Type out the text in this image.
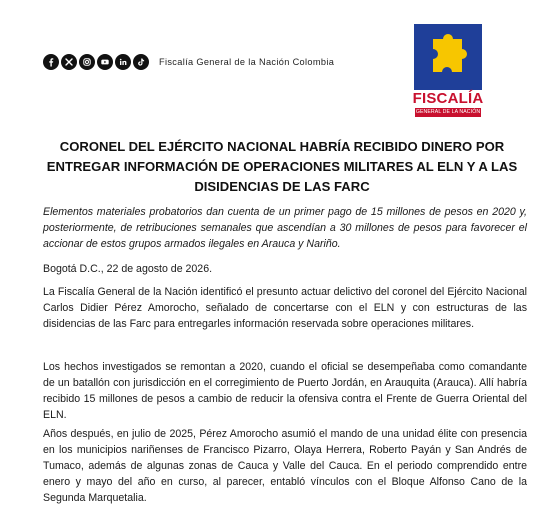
Fiscalía General de la Nación Colombia
FISCALÍA
GENERAL DE LA NACIÓN
CORONEL DEL EJÉRCITO NACIONAL HABRÍA RECIBIDO DINERO POR ENTREGAR INFORMACIÓN DE OPERACIONES MILITARES AL ELN Y A LAS DISIDENCIAS DE LAS FARC

Elementos materiales probatorios dan cuenta de un primer pago de 15 millones de pesos en 2020 y, posteriormente, de retribuciones semanales que ascendían a 30 millones de pesos para favorecer el accionar de estos grupos armados ilegales en Arauca y Nariño.

Bogotá D.C., 22 de agosto de 2026.

La Fiscalía General de la Nación identificó el presunto actuar delictivo del coronel del Ejército Nacional Carlos Didier Pérez Amorocho, señalado de concertarse con el ELN y con estructuras de las disidencias de las Farc para entregarles información reservada sobre operaciones militares.

Los hechos investigados se remontan a 2020, cuando el oficial se desempeñaba como comandante de un batallón con jurisdicción en el corregimiento de Puerto Jordán, en Arauquita (Arauca). Allí habría recibido 15 millones de pesos a cambio de reducir la ofensiva contra el Frente de Guerra Oriental del ELN.

Años después, en julio de 2025, Pérez Amorocho asumió el mando de una unidad élite con presencia en los municipios nariñenses de Francisco Pizarro, Olaya Herrera, Roberto Payán y San Andrés de Tumaco, además de algunas zonas de Cauca y Valle del Cauca. En el periodo comprendido entre enero y mayo del año en curso, al parecer, entabló vínculos con el Bloque Alfonso Cano de la Segunda Marquetalia.
